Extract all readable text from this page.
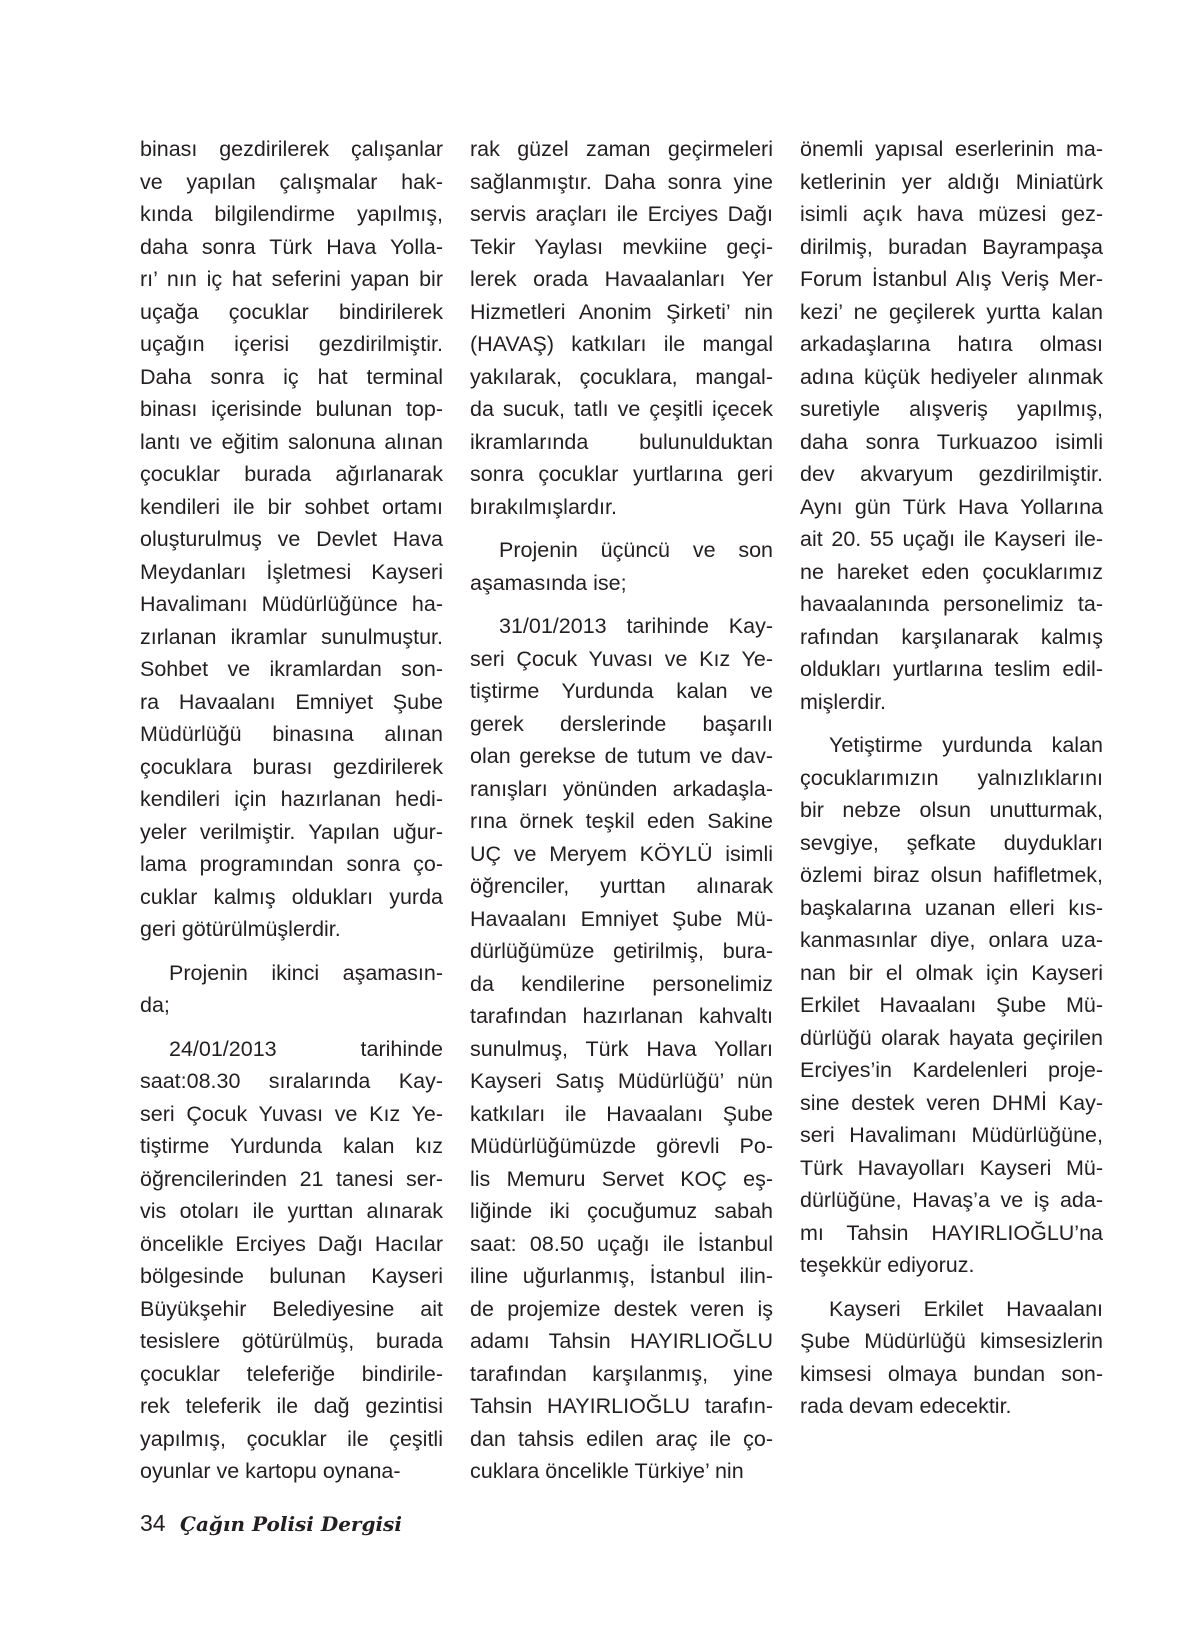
binası gezdirilerek çalışanlar
ve yapılan çalışmalar hak-
kında bilgilendirme yapılmış,
daha sonra Türk Hava Yolla-
rı’ nın iç hat seferini yapan bir
uçağa çocuklar bindirilerek
uçağın içerisi gezdirilmiştir.
Daha sonra iç hat terminal
binası içerisinde bulunan top-
lantı ve eğitim salonuna alınan
çocuklar burada ağırlanarak
kendileri ile bir sohbet ortamı
oluşturulmuş ve Devlet Hava
Meydanları İşletmesi Kayseri
Havalimanı Müdürlüğünce ha-
zırlanan ikramlar sunulmuştur.
Sohbet ve ikramlardan son-
ra Havaalanı Emniyet Şube
Müdürlüğü binasına alınan
çocuklara burası gezdirilerek
kendileri için hazırlanan hedi-
yeler verilmiştir. Yapılan uğur-
lama programından sonra ço-
cuklar kalmış oldukları yurda
geri götürülmüşlerdir.
Projenin ikinci aşamasın-
da;
24/01/2013 tarihinde
saat:08.30 sıralarında Kay-
seri Çocuk Yuvası ve Kız Ye-
tiştirme Yurdunda kalan kız
öğrencilerinden 21 tanesi ser-
vis otoları ile yurttan alınarak
öncelikle Erciyes Dağı Hacılar
bölgesinde bulunan Kayseri
Büyükşehir Belediyesine ait
tesislere götürülmüş, burada
çocuklar teleferiğe bindirile-
rek teleferik ile dağ gezintisi
yapılmış, çocuklar ile çeşitli
oyunlar ve kartopu oynana-
rak güzel zaman geçirmeleri
sağlanmıştır. Daha sonra yine
servis araçları ile Erciyes Dağı
Tekir Yaylası mevkiine geçi-
lerek orada Havaalanları Yer
Hizmetleri Anonim Şirketi’ nin
(HAVAŞ) katkıları ile mangal
yakılarak, çocuklara, mangal-
da sucuk, tatlı ve çeşitli içecek
ikramlarında bulunulduktan
sonra çocuklar yurtlarına geri
bırakılmışlardır.
Projenin üçüncü ve son
aşamasında ise;
31/01/2013 tarihinde Kay-
seri Çocuk Yuvası ve Kız Ye-
tiştirme Yurdunda kalan ve
gerek derslerinde başarılı
olan gerekse de tutum ve dav-
ranışları yönünden arkadaşla-
rına örnek teşkil eden Sakine
UÇ ve Meryem KÖYLÜ isimli
öğrenciler, yurttan alınarak
Havaalanı Emniyet Şube Mü-
dürlüğümüze getirilmiş, bura-
da kendilerine personelimiz
tarafından hazırlanan kahvaltı
sunulmuş, Türk Hava Yolları
Kayseri Satış Müdürlüğü’ nün
katkıları ile Havaalanı Şube
Müdürlüğümüzde görevli Po-
lis Memuru Servet KOÇ eş-
liğinde iki çocuğumuz sabah
saat: 08.50 uçağı ile İstanbul
iline uğurlanmış, İstanbul ilin-
de projemize destek veren iş
adamı Tahsin HAYIRLIOĞLU
tarafından karşılanmış, yine
Tahsin HAYIRLIOĞLU tarafın-
dan tahsis edilen araç ile ço-
cuklara öncelikle Türkiye’ nin
önemli yapısal eserlerinin ma-
ketlerinin yer aldığı Miniatürk
isimli açık hava müzesi gez-
dirilmiş, buradan Bayrampaşa
Forum İstanbul Alış Veriş Mer-
kezi’ ne geçilerek yurtta kalan
arkadaşlarına hatıra olması
adına küçük hediyeler alınmak
suretiyle alışveriş yapılmış,
daha sonra Turkuazoo isimli
dev akvaryum gezdirilmiştir.
Aynı gün Türk Hava Yollarına
ait 20. 55 uçağı ile Kayseri ile-
ne hareket eden çocuklarımız
havaalanında personelimiz ta-
rafından karşılanarak kalmış
oldukları yurtlarına teslim edil-
mişlerdir.
Yetiştirme yurdunda kalan
çocuklarımızın yalnızlıklarını
bir nebze olsun unutturmak,
sevgiye, şefkate duydukları
özlemi biraz olsun hafifletmek,
başkalarına uzanan elleri kıs-
kanmasınlar diye, onlara uza-
nan bir el olmak için Kayseri
Erkilet Havaalanı Şube Mü-
dürlüğü olarak hayata geçirilen
Erciyes’in Kardelenleri proje-
sine destek veren DHMİ Kay-
seri Havalimanı Müdürlüğüne,
Türk Havayolları Kayseri Mü-
dürlüğüne, Havaş’a ve iş ada-
mı Tahsin HAYIRLIOĞLU’na
teşekkür ediyoruz.
Kayseri Erkilet Havaalanı
Şube Müdürlüğü kimsesizlerin
kimsesi olmaya bundan son-
rada devam edecektir.
34 Çağın Polisi Dergisi
